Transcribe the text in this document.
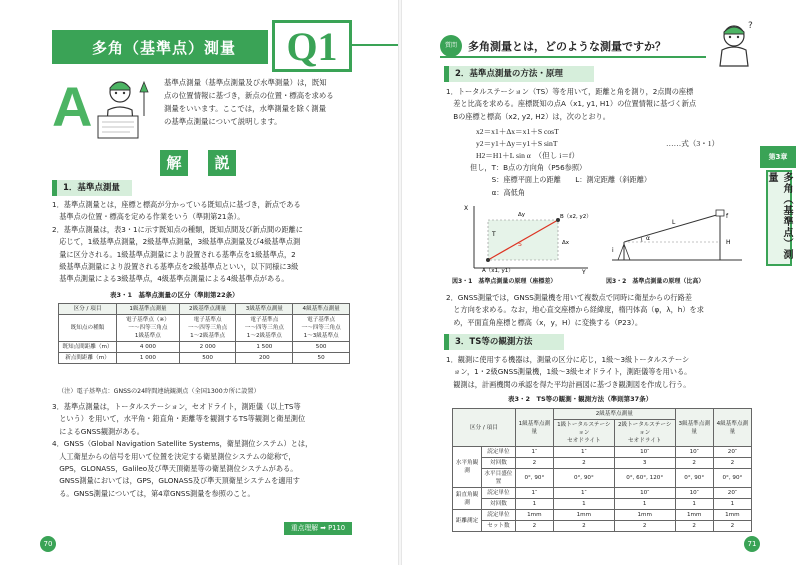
多角（基準点）測量	Q1
A	基準点測量（基準点測量及び水準測量）は，既知
点の位置情報に基づき，新点の位置・標高を求める
測量をいいます。ここでは，水準測量を除く測量
の基準点測量について説明します。
解	説
1．基準点測量
1．基準点測量とは，座標と標高が分かっている既知点に基づき，新点である
　基準点の位置・標高を定める作業をいう（準則第21条）。
2．基準点測量は，表3・1に示す既知点の種類，既知点間及び新点間の距離に
　応じて，1級基準点測量，2級基準点測量，3級基準点測量及び4級基準点測
　量に区分される。1級基準点測量により設置される基準点を1級基準点，2
　級基準点測量により設置される基準点を2級基準点といい，以下同様に3級
　基準点測量による3級基準点，4級基準点測量による4級基準点がある。
表3・1　基準点測量の区分（準則第22条）
区分 / 項目	1級基準点測量	2級基準点測量	3級基準点測量	4級基準点測量
既知点の種類	電子基準点（※）
一～四等三角点
1級基準点	電子基準点
一～四等三角点
1～2級基準点	電子基準点
一～四等三角点
1～2級基準点	電子基準点
一～四等三角点
1～3級基準点
既知点間距離（m）	4 000	2 000	1 500	500
新点間距離（m）	1 000	500	200	50
（注）電子基準点：GNSSの24時間連続観測点（全国1300カ所に設置）
3．基準点測量は，トータルステーション，セオドライト，測距儀（以上TS等
　という）を用いて，水平角・鉛直角・距離等を観測するTS等観測と衛星測位
　によるGNSS観測がある。
4．GNSS（Global Navigation Satellite Systems，衛星測位システム）とは，
　人工衛星からの信号を用いて位置を決定する衛星測位システムの総称で，
　GPS，GLONASS，Galileo及び準天頂衛星等の衛星測位システムがある。
　GNSS測量においては，GPS，GLONASS及び準天頂衛星システムを適用す
　る。GNSS測量については，第4章GNSS測量を参照のこと。
重点理解 ➡ P110
70
質問	多角測量とは，どのような測量ですか？
?
第3章
多角（基準点）測量
2．基準点測量の方法・原理
1．トータルステーション（TS）等を用いて，距離と角を測り，2点間の座標
　差と比高を求める。座標既知の点A（x1, y1, H1）の位置情報に基づく新点
　Bの座標と標高（x2, y2, H2）は，次のとおり。
x2＝x1＋Δx＝x1＋S cosT
y2＝y1＋Δy＝y1＋S sinT
H2＝H1＋L sin α　（但し i＝f）
……式（3・1）
但し，T：B点の方向角（P56参照）
　　　S：座標平面上の距離　　L：測定距離（斜距離）
　　　α：高低角
X
Y
A（x1, y1）
B（x2, y2）
Δy
Δx
S
T
図3・1　基準点測量の原理（座標差）
L
α
f
H
i
図3・2　基準点測量の原理（比高）
2．GNSS測量では，GNSS測量機を用いて複数点で同時に衛星からの行路差
　と方向を求める。なお，地心直交座標から経緯度，楕円体高（φ，λ，h）を求
　め，平面直角座標と標高（x，y，H）に変換する（P23）。
3．TS等の観測方法
1．観測に使用する機器は，測量の区分に応じ，1級～3級トータルステーシ
　ョン，1・2級GNSS測量機，1級～3級セオドライト，測距儀等を用いる。
　観測は，計画機関の承認を得た平均計画図に基づき観測図を作成し行う。
表3・2　TS等の観測・観測方法（準則第37条）
区分 / 項目		1級基準点測量	2級基準点測量		3級基準点測量	4級基準点測量
			1級トータルステーション
セオドライト	2級トータルステーション
セオドライト		
水平角観測	読定単位	1″	1″	10″	10″	20″
	対回数	2	2	3	2	2
	水平目盛位置	0°, 90°	0°, 90°	0°, 60°, 120°	0°, 90°	0°, 90°
鉛直角観測	読定単位	1″	1″	10″	10″	20″
	対回数	1	1	1	1	1
距離測定	読定単位	1mm	1mm	1mm	1mm	1mm
	セット数	2	2	2	2	2
71
